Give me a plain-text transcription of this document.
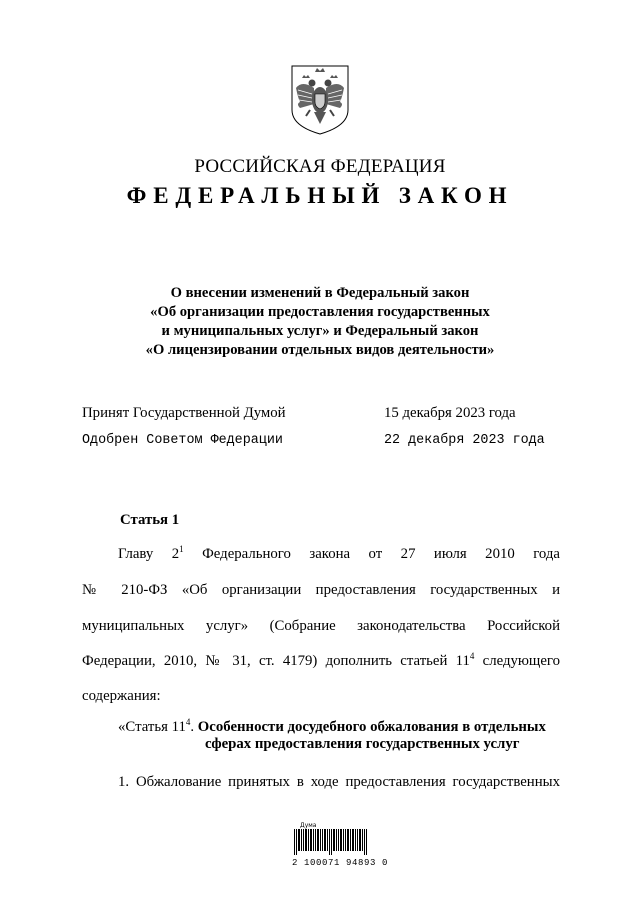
РОССИЙСКАЯ ФЕДЕРАЦИЯ
ФЕДЕРАЛЬНЫЙ ЗАКОН
О внесении изменений в Федеральный закон
«Об организации предоставления государственных
и муниципальных услуг» и Федеральный закон
«О лицензировании отдельных видов деятельности»
Принят Государственной Думой	15 декабря 2023 года
Одобрен Советом Федерации	22 декабря 2023 года
Статья 1
Главу $2^1$ Федерального закона от 27 июля 2010 года
№ 210-ФЗ «Об организации предоставления государственных и
муниципальных услуг» (Собрание законодательства Российской
Федерации, 2010, № 31, ст. 4179) дополнить статьей $11^4$ следующего
содержания:
«Статья $11^4$. Особенности досудебного обжалования в отдельных
сферах предоставления государственных услуг
1. Обжалование принятых в ходе предоставления государственных
Дума
2 100071 94893 0
